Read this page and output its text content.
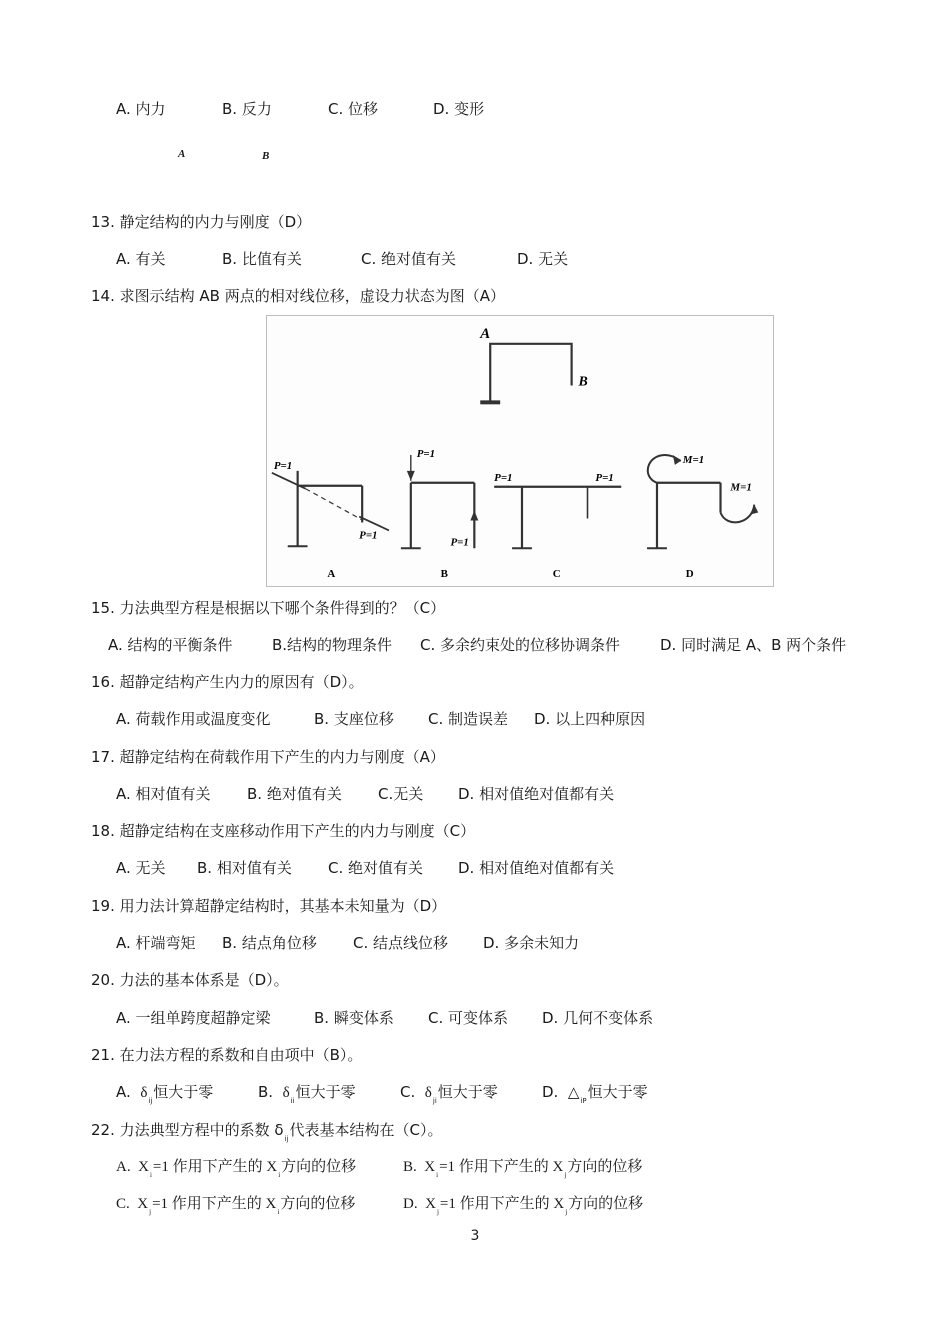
A. 内力	B. 反力	C. 位移	D. 变形
A	B
13. 静定结构的内力与刚度（D）
A. 有关	B. 比值有关	C. 绝对值有关	D. 无关
14. 求图示结构 AB 两点的相对线位移，虚设力状态为图（A）
A
B
P=1
P=1
P=1
P=1
P=1	P=1
M=1
M=1
A	B	C	D
15. 力法典型方程是根据以下哪个条件得到的？（C）
A. 结构的平衡条件	B.结构的物理条件 C. 多余约束处的位移协调条件	D. 同时满足 A、B 两个条件
16. 超静定结构产生内力的原因有（D）。
A. 荷载作用或温度变化	B. 支座位移 C. 制造误差 D. 以上四种原因
17. 超静定结构在荷载作用下产生的内力与刚度（A）
A. 相对值有关 B. 绝对值有关 C.无关 D. 相对值绝对值都有关
18. 超静定结构在支座移动作用下产生的内力与刚度（C）
A. 无关 B. 相对值有关 C. 绝对值有关 D. 相对值绝对值都有关
19. 用力法计算超静定结构时，其基本未知量为（D）
A. 杆端弯矩 B. 结点角位移 C. 结点线位移 D. 多余未知力
20. 力法的基本体系是（D）。
A. 一组单跨度超静定梁	B. 瞬变体系 C. 可变体系 D. 几何不变体系
21. 在力法方程的系数和自由项中（B）。
A. $\delta_{ij}$恒大于零	B. $\delta_{ii}$恒大于零	C. $\delta_{ji}$恒大于零	D. $\triangle_{iP}$恒大于零
22. 力法典型方程中的系数 $\delta_{ij}$代表基本结构在（C）。
A. $X_i=1$ 作用下产生的 $X_i$方向的位移	B. $X_i=1$ 作用下产生的 $X_j$方向的位移
C. $X_j=1$ 作用下产生的 $X_i$方向的位移	D. $X_j=1$ 作用下产生的 $X_j$方向的位移
3
